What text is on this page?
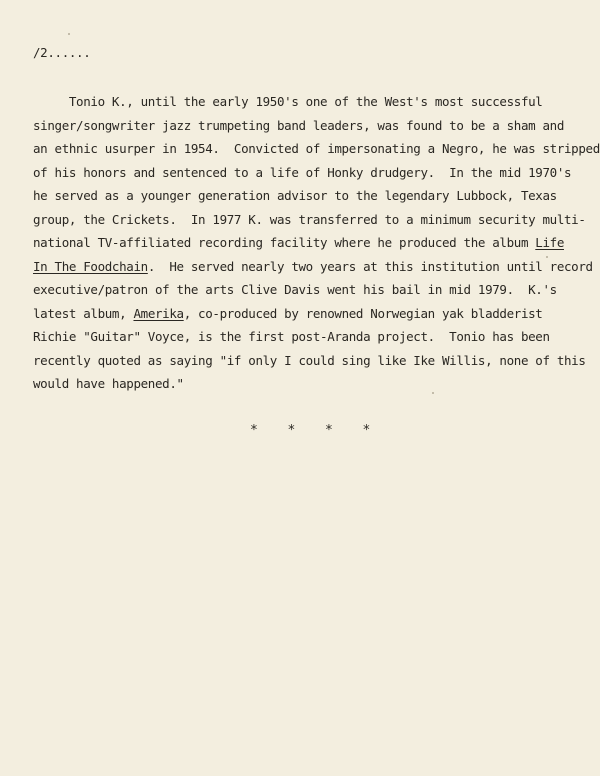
/2......

Tonio K., until the early 1950's one of the West's most successful
singer/songwriter jazz trumpeting band leaders, was found to be a sham and
an ethnic usurper in 1954.  Convicted of impersonating a Negro, he was stripped
of his honors and sentenced to a life of Honky drudgery.  In the mid 1970's
he served as a younger generation advisor to the legendary Lubbock, Texas
group, the Crickets.  In 1977 K. was transferred to a minimum security multi-
national TV-affiliated recording facility where he produced the album Life
In The Foodchain.  He served nearly two years at this institution until record
executive/patron of the arts Clive Davis went his bail in mid 1979.  K.'s
latest album, Amerika, co-produced by renowned Norwegian yak bladderist
Richie "Guitar" Voyce, is the first post-Aranda project.  Tonio has been
recently quoted as saying "if only I could sing like Ike Willis, none of this
would have happened."
* * * *
